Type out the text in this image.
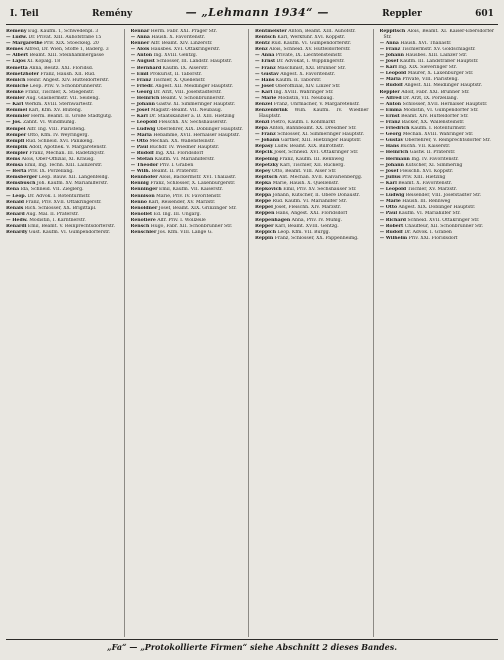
I. Teil	Remény	— „Lehmann 1934“ —	Reppler	601
Remény Eug. Kaufm. 1, Schwedenpl. 3
— Ludw. Dr. Privat. XIII. Auhofstraße 15
— Margarethe Priv. XIX. Stoeckelg. 20
Remes Alfred, Dr. Wien, Stoffe 1, Baderg. 3
— Albert Beamt. XIII. Steinhammergasse
— Lajos XI. Kopalg. 18
Remetta Anna, Besitz. XXI. Floridsd.
Remetzhofer Franz, Haush. XII. Rud.
Remich Heinr. Angest. XIV. Hütteldorferstr.
Remiche Leop. Priv. V. Schönbrunnerstr.
Remke Franz, Tischler, X. Stiegenstr.
Remler Aug. Glasnermstr. VII. Seideng.
— Karl Werkm. XVIII. Sternwartestr.
Remmel Karl, Kfm. XV. Blüteng.
Remmler Herm. Beamt. II. Große Stadtgutg.
— Jos. Zahnt. VI. Windmühlg.
Rempel Alfr. Ing. VIII. Piaristeng.
Remper Otto, Kfm. IV. Weyringerg.
Rempfl Rud. Schneid. XVI. Panikeng.
Remplik Adolf, Apothek. V. Margaretenstr.
Rempler Franz, Mechan. III. Radetzkystr.
Rems Alois, Ober-Offizial, XI. Krausg.
Remsa Emil, Ing. Techn. XIII. Lainzerstr.
— Berta Priv. IX. Porzellang.
Remsberger Leop. Bauw. XII. Längenfeldg.
Remsbusch Joh. Kaufm. XV. Mariahilferstr.
Rena Ida, Schneid. VII. Zieglerg.
— Leop. Dr. Advok. I. Rotenturmstr.
Renald Franz, Priv. XVII. Ottakringerstr.
Renals Rich. Schlosser, XX. Brigittapl.
Renard Aug. Mal. II. Praterstr.
— Hedw. Modistin, I. Kärntnerstr.
Renardi Emil, Beamt. V. Reinprechtsdorferstr.
Renardy Gust. Kaufm. VI. Gumpendorferstr.
Rennar Herm. Fabr. XXI. Prager Str.
— Anna Haush. X. Favoritenstr.
Renner Alfr. Beamt. XIV. Linzerstr.
— Alois Hausbes. XVI. Ottakringerstr.
— Anton Ing. XVIII. Gentzg.
— August Schlosser, III. Landstr. Hauptstr.
— Bernhard Kaufm. IX. Alserstr.
— Emil Prokurist, II. Taborstr.
— Franz Tischler, X. Quellenstr.
— Friedr. Angest. XII. Meidlinger Hauptstr.
— Georg Dr. Arzt, VIII. Josefstädterstr.
— Heinrich Beamt. V. Schönbrunnerstr.
— Johann Gastw. XI. Simmeringer Hauptstr.
— Josef Magistr.-Beamt. VII. Neubaug.
— Karl Dr. Staatskanzler a. D. XIII. Hietzing
— Leopold Fleischh. XV. Sechshauserstr.
— Ludwig Oberlehrer, XIX. Döblinger Hauptstr.
— Maria Hebamme, XVII. Hernalser Hauptstr.
— Otto Mechan. XX. Wallensteinstr.
— Paul Buchdr. IV. Wiedner Hauptstr.
— Rudolf Ing. XXI. Floridsdorf
— Stefan Kaufm. VI. Mariahilferstr.
— Theodor Priv. I. Graben
— Wilh. Beamt. II. Praterstr.
Rennhofer Alois, Bäckermstr. XVI. Thaliastr.
Rennig Franz, Schlosser, X. Laxenburgerstr.
Renninger Emil, Kaufm. VII. Kaiserstr.
Rennison Marie, Priv. IV. Favoritenstr.
Renno Karl, Reisender, XV. Märzstr.
Renoldner Josef, Beamt. XIX. Grinzinger Str.
Renollet Ed. Ing. III. Ungarg.
Renotière Alfr. Priv. I. Wollzeile
Rensch Hugo, Fabr. XII. Schönbrunner Str.
Renschler Jos. Kfm. VIII. Lange G.
Rentmeister Anton, Beamt. XIII. Auhofstr.
Rentsch Karl, Werkführ. XVI. Koppstr.
Rentz Rud. Kaufm. VI. Gumpendorferstr.
Renz Alois, Schneid. XV. Hütteldorferstr.
— Anna Private, IX. Liechtensteinstr.
— Ernst Dr. Advokat, I. Wipplingerstr.
— Franz Maschinist, XXI. Brünner Str.
— Gustav Angest. X. Favoritenstr.
— Hans Kaufm. II. Taborstr.
— Josef Oberoffizial, XIV. Linzer Str.
— Karl Ing. XVIII. Währinger Str.
— Marie Modistin, VII. Neubaug.
Renzel Franz, Uhrmacher, V. Margaretenstr.
Renzenbrink Wilh. Kaufm. IV. Wiedner Hauptstr.
Renzi Pietro, Kaufm. I. Kohlmarkt
Repa Anton, Bahnbeamt. XX. Dresdner Str.
— Franz Schlosser, XI. Simmeringer Hauptstr.
— Johann Gärtner, XIII. Hietzinger Hauptstr.
Repasy Ludw. Beamt. XIX. Billrothstr.
Repcik Josef, Schneid. XVI. Ottakringer Str.
Repelnig Franz, Kaufm. III. Rennweg
Repetzky Karl, Tischler, XII. Ruckerg.
Repey Otto, Beamt. VIII. Alser Str.
Repitsch Ant. Mechan. XVII. Kalvarienbergg.
Repka Marie, Haush. X. Quellenstr.
Repkovich Emil, Priv. XV. Sechshauser Str.
Reppa Johann, Kutscher, II. Obere Donaustr.
Reppe Rud. Kaufm. VI. Mariahilfer Str.
Reppel Josef, Fleischh. XIV. Märzstr.
Reppen Hans, Angest. XXI. Floridsdorf
Reppenhagen Anna, Priv. IV. Mühlg.
Repper Karl, Beamt. XVIII. Gentzg.
Reppich Leop. Kfm. VII. Burgg.
Reppin Franz, Schlosser, XX. Pappenheimg.
Reppitsch Alois, Beamt. XI. Kaiser-Ebersdorfer Str.
— Anna Haush. XVI. Thaliastr.
— Franz Tischlermstr. XV. Goldschlagstr.
— Johann Hausbes. XIII. Lainzer Str.
— Josef Kaufm. III. Landstraßer Hauptstr.
— Karl Ing. XIX. Sieveringer Str.
— Leopold Maurer, X. Laxenburger Str.
— Maria Private, VIII. Piaristeng.
— Rudolf Angest. XII. Meidlinger Hauptstr.
Reppler Adolf, Fabr. XXI. Brünner Str.
— Alfred Dr. Arzt, IX. Porzellang.
— Anton Schlosser, XVII. Hernalser Hauptstr.
— Emma Modistin, VI. Gumpendorfer Str.
— Ernst Beamt. XIV. Hütteldorfer Str.
— Franz Bäcker, XX. Wallensteinstr.
— Friedrich Kaufm. I. Rotenturmstr.
— Georg Mechan. XVIII. Währinger Str.
— Gustav Oberlehrer, V. Reinprechtsdorfer Str.
— Hans Buchh. VII. Kaiserstr.
— Heinrich Gastw. II. Praterstr.
— Hermann Ing. IV. Favoritenstr.
— Johann Kutscher, XI. Simmering
— Josef Fleischh. XVI. Koppstr.
— Julius Priv. XIII. Hietzing
— Karl Beamt. X. Favoritenstr.
— Leopold Tischler, XV. Märzstr.
— Ludwig Reisender, VIII. Josefstädter Str.
— Marie Haush. III. Rennweg
— Otto Angest. XIX. Döblinger Hauptstr.
— Paul Kaufm. VI. Mariahilfer Str.
— Richard Schneid. XVII. Ottakringer Str.
— Robert Chauffeur, XII. Schönbrunner Str.
— Rudolf Dr. Advok. I. Graben
— Wilhelm Priv. XXI. Floridsdorf
„Fa“ — „Protokollierte Firmen“ siehe Abschnitt 2 dieses Bandes.
